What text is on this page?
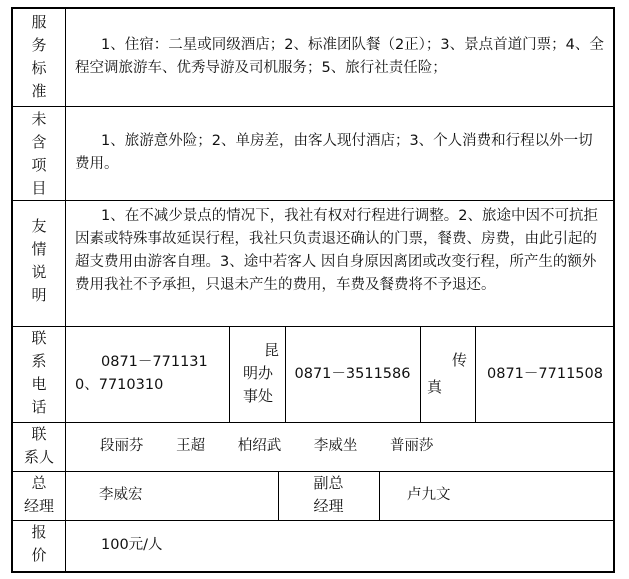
服
务
标
准
1、住宿：二星或同级酒店；2、标准团队餐（2正）；3、景点首道门票；4、全程空调旅游车、优秀导游及司机服务；5、旅行社责任险；
未
含
项
目
1、旅游意外险；2、单房差，由客人现付酒店；3、个人消费和行程以外一切费用。
友
情
说
明
1、在不减少景点的情况下，我社有权对行程进行调整。2、旅途中因不可抗拒因素或特殊事故延误行程，我社只负责退还确认的门票，餐费、房费，由此引起的超支费用由游客自理。3、途中若客人 因自身原因离团或改变行程，所产生的额外费用我社不予承担，只退未产生的费用，车费及餐费将不予退还。
联
系
电
话
0871－7711310、7710310
昆
明办
事处
0871－3511586
传
真
0871－7711508
联
系人
段丽芬 王超 柏绍武 李威坐 普丽莎
总
经理
李威宏
副总
经理
卢九文
报
价
100元/人
